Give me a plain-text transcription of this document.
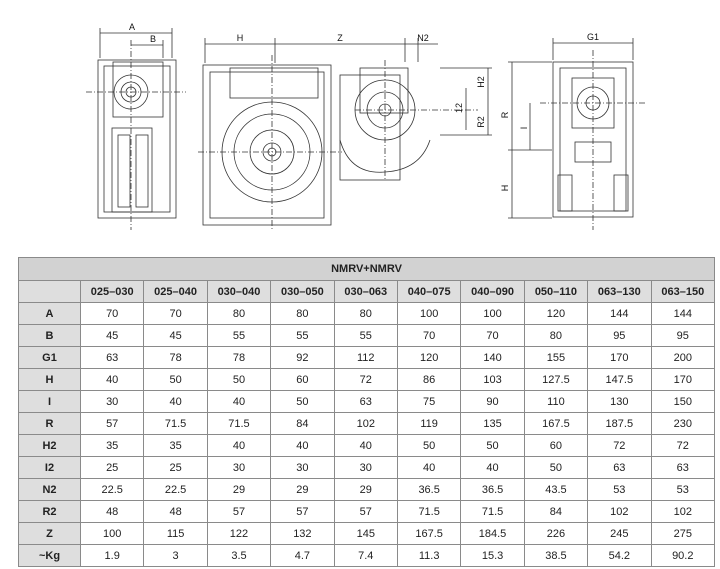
A
B	H	Z	N2
H2
R2
12
R
I
H
G1
NMRV+NMRV										
	025–030	025–040	030–040	030–050	030–063	040–075	040–090	050–110	063–130	063–150
A	70	70	80	80	80	100	100	120	144	144
B	45	45	55	55	55	70	70	80	95	95
G1	63	78	78	92	112	120	140	155	170	200
H	40	50	50	60	72	86	103	127.5	147.5	170
I	30	40	40	50	63	75	90	110	130	150
R	57	71.5	71.5	84	102	119	135	167.5	187.5	230
H2	35	35	40	40	40	50	50	60	72	72
I2	25	25	30	30	30	40	40	50	63	63
N2	22.5	22.5	29	29	29	36.5	36.5	43.5	53	53
R2	48	48	57	57	57	71.5	71.5	84	102	102
Z	100	115	122	132	145	167.5	184.5	226	245	275
~Kg	1.9	3	3.5	4.7	7.4	11.3	15.3	38.5	54.2	90.2
